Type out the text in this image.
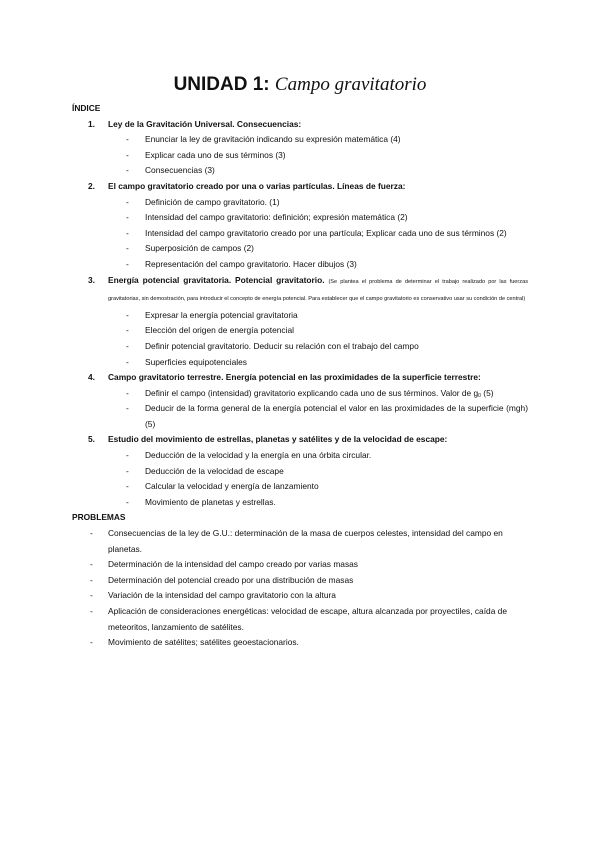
UNIDAD 1: Campo gravitatorio
ÍNDICE
1. Ley de la Gravitación Universal. Consecuencias:
- Enunciar la ley de gravitación indicando su expresión matemática (4)
- Explicar cada uno de sus términos (3)
- Consecuencias (3)
2. El campo gravitatorio creado por una o varias partículas. Líneas de fuerza:
- Definición de campo gravitatorio. (1)
- Intensidad del campo gravitatorio: definición; expresión matemática (2)
- Intensidad del campo gravitatorio creado por una partícula; Explicar cada uno de sus términos (2)
- Superposición de campos (2)
- Representación del campo gravitatorio. Hacer dibujos (3)
3. Energía potencial gravitatoria. Potencial gravitatorio. (Se plantea el problema de determinar el trabajo realizado por las fuerzas gravitatorias, sin demostración, para introducir el concepto de energía potencial. Para establecer que el campo gravitatorio es conservativo usar su condición de central)
- Expresar la energía potencial gravitatoria
- Elección del origen de energía potencial
- Definir potencial gravitatorio. Deducir su relación con el trabajo del campo
- Superficies equipotenciales
4. Campo gravitatorio terrestre. Energía potencial en las proximidades de la superficie terrestre:
- Definir el campo (intensidad) gravitatorio explicando cada uno de sus términos. Valor de $g_0$ (5)
- Deducir de la forma general de la energía potencial el valor en las proximidades de la superficie (mgh) (5)
5. Estudio del movimiento de estrellas, planetas y satélites y de la velocidad de escape:
- Deducción de la velocidad y la energía en una órbita circular.
- Deducción de la velocidad de escape
- Calcular la velocidad y energía de lanzamiento
- Movimiento de planetas y estrellas.
PROBLEMAS
- Consecuencias de la ley de G.U.: determinación de la masa de cuerpos celestes, intensidad del campo en planetas.
- Determinación de la intensidad del campo creado por varias masas
- Determinación del potencial creado por una distribución de masas
- Variación de la intensidad del campo gravitatorio con la altura
- Aplicación de consideraciones energéticas: velocidad de escape, altura alcanzada por proyectiles, caída de meteoritos, lanzamiento de satélites.
- Movimiento de satélites; satélites geoestacionarios.
